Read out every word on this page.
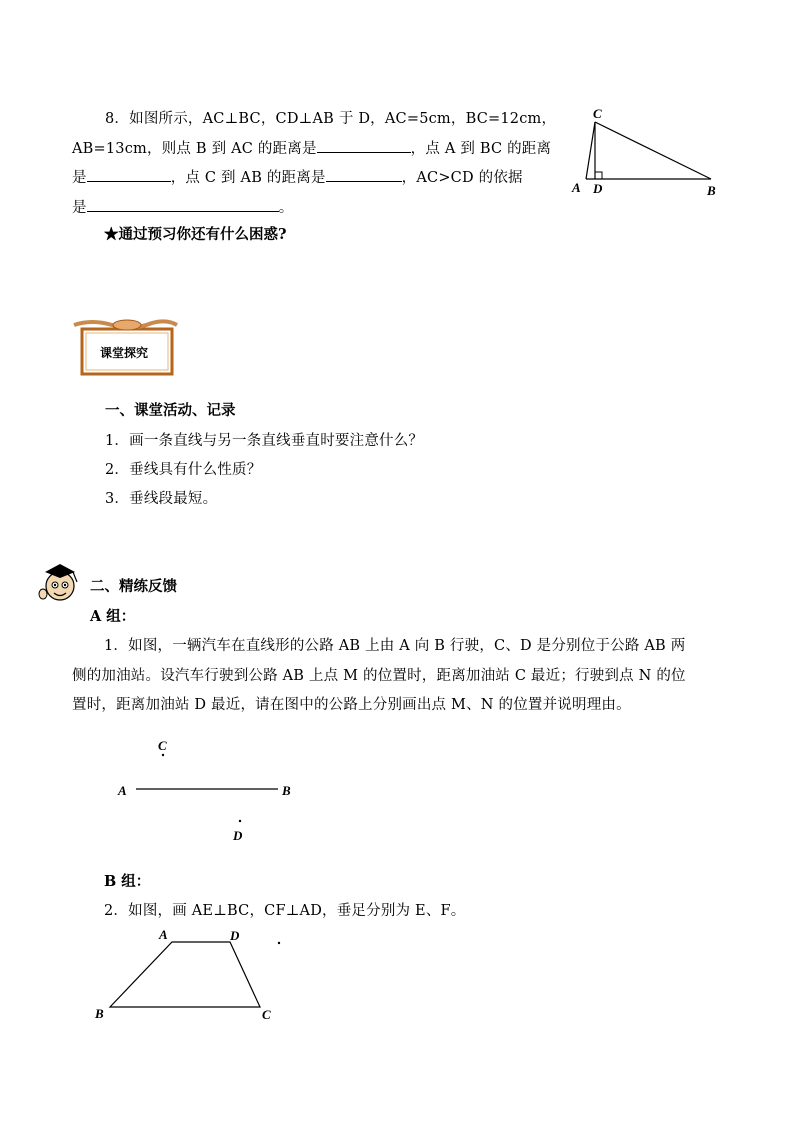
8．如图所示，AC⊥BC，CD⊥AB 于 D，AC=5cm，BC=12cm，
AB=13cm，则点 B 到 AC 的距离是	，点 A 到 BC 的距离
是	，点 C 到 AB 的距离是	，AC>CD 的依据
是	。
C
A D	B
★通过预习你还有什么困惑?
课堂探究
一、课堂活动、记录
1．画一条直线与另一条直线垂直时要注意什么？
2．垂线具有什么性质？
3．垂线段最短。
二、精练反馈
A 组：
1．如图，一辆汽车在直线形的公路 AB 上由 A 向 B 行驶，C、D 是分别位于公路 AB 两
侧的加油站。设汽车行驶到公路 AB 上点 M 的位置时，距离加油站 C 最近；行驶到点 N 的位
置时，距离加油站 D 最近，请在图中的公路上分别画出点 M、N 的位置并说明理由。
C
A	B
D
B 组：
2．如图，画 AE⊥BC，CF⊥AD，垂足分别为 E、F。
A	D
B	C
